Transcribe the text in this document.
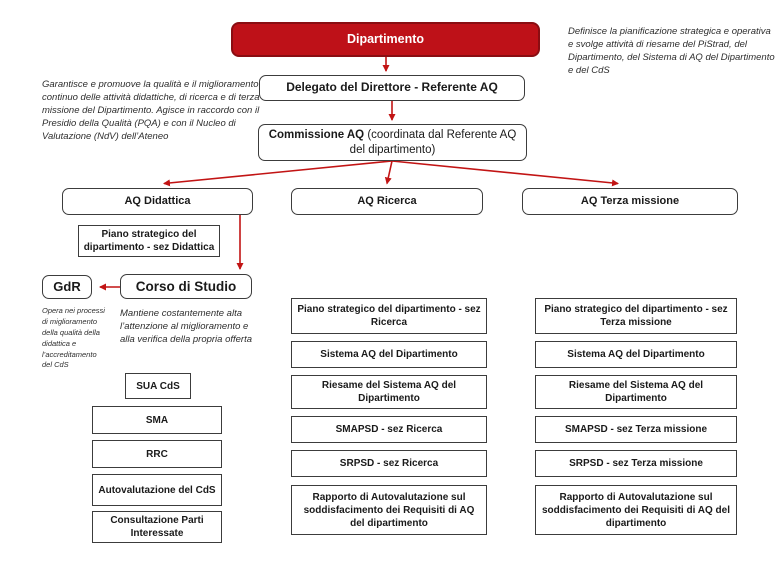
Dipartimento
Delegato del Direttore - Referente AQ
Commissione AQ (coordinata dal Referente AQ del dipartimento)
AQ Didattica	AQ Ricerca	AQ Terza missione
Piano strategico del dipartimento - sez Didattica
GdR	Corso di Studio
SUA CdS
SMA
RRC
Autovalutazione del CdS
Consultazione Parti Interessate
Piano strategico del dipartimento - sez Ricerca
Sistema AQ del Dipartimento
Riesame del Sistema AQ del Dipartimento
SMAPSD - sez Ricerca
SRPSD - sez Ricerca
Rapporto di Autovalutazione sul soddisfacimento dei Requisiti di AQ del dipartimento
Piano strategico del dipartimento - sez Terza missione
Sistema AQ del Dipartimento
Riesame del Sistema AQ del Dipartimento
SMAPSD - sez Terza missione
SRPSD - sez Terza missione
Rapporto di Autovalutazione sul soddisfacimento dei Requisiti di AQ del dipartimento
Definisce la pianificazione strategica e operativa e svolge attività di riesame del PiStrad, del Dipartimento, del Sistema di AQ del Dipartimento e del CdS
Garantisce e promuove la qualità e il miglioramento continuo delle attività didattiche, di ricerca e di terza missione del Dipartimento. Agisce in raccordo con il Presidio della Qualità (PQA) e con il Nucleo di Valutazione (NdV) dell’Ateneo
Opera nei processi di miglioramento della qualità della didattica e l’accreditamento del CdS
Mantiene costantemente alta l’attenzione al miglioramento e alla verifica della propria offerta
